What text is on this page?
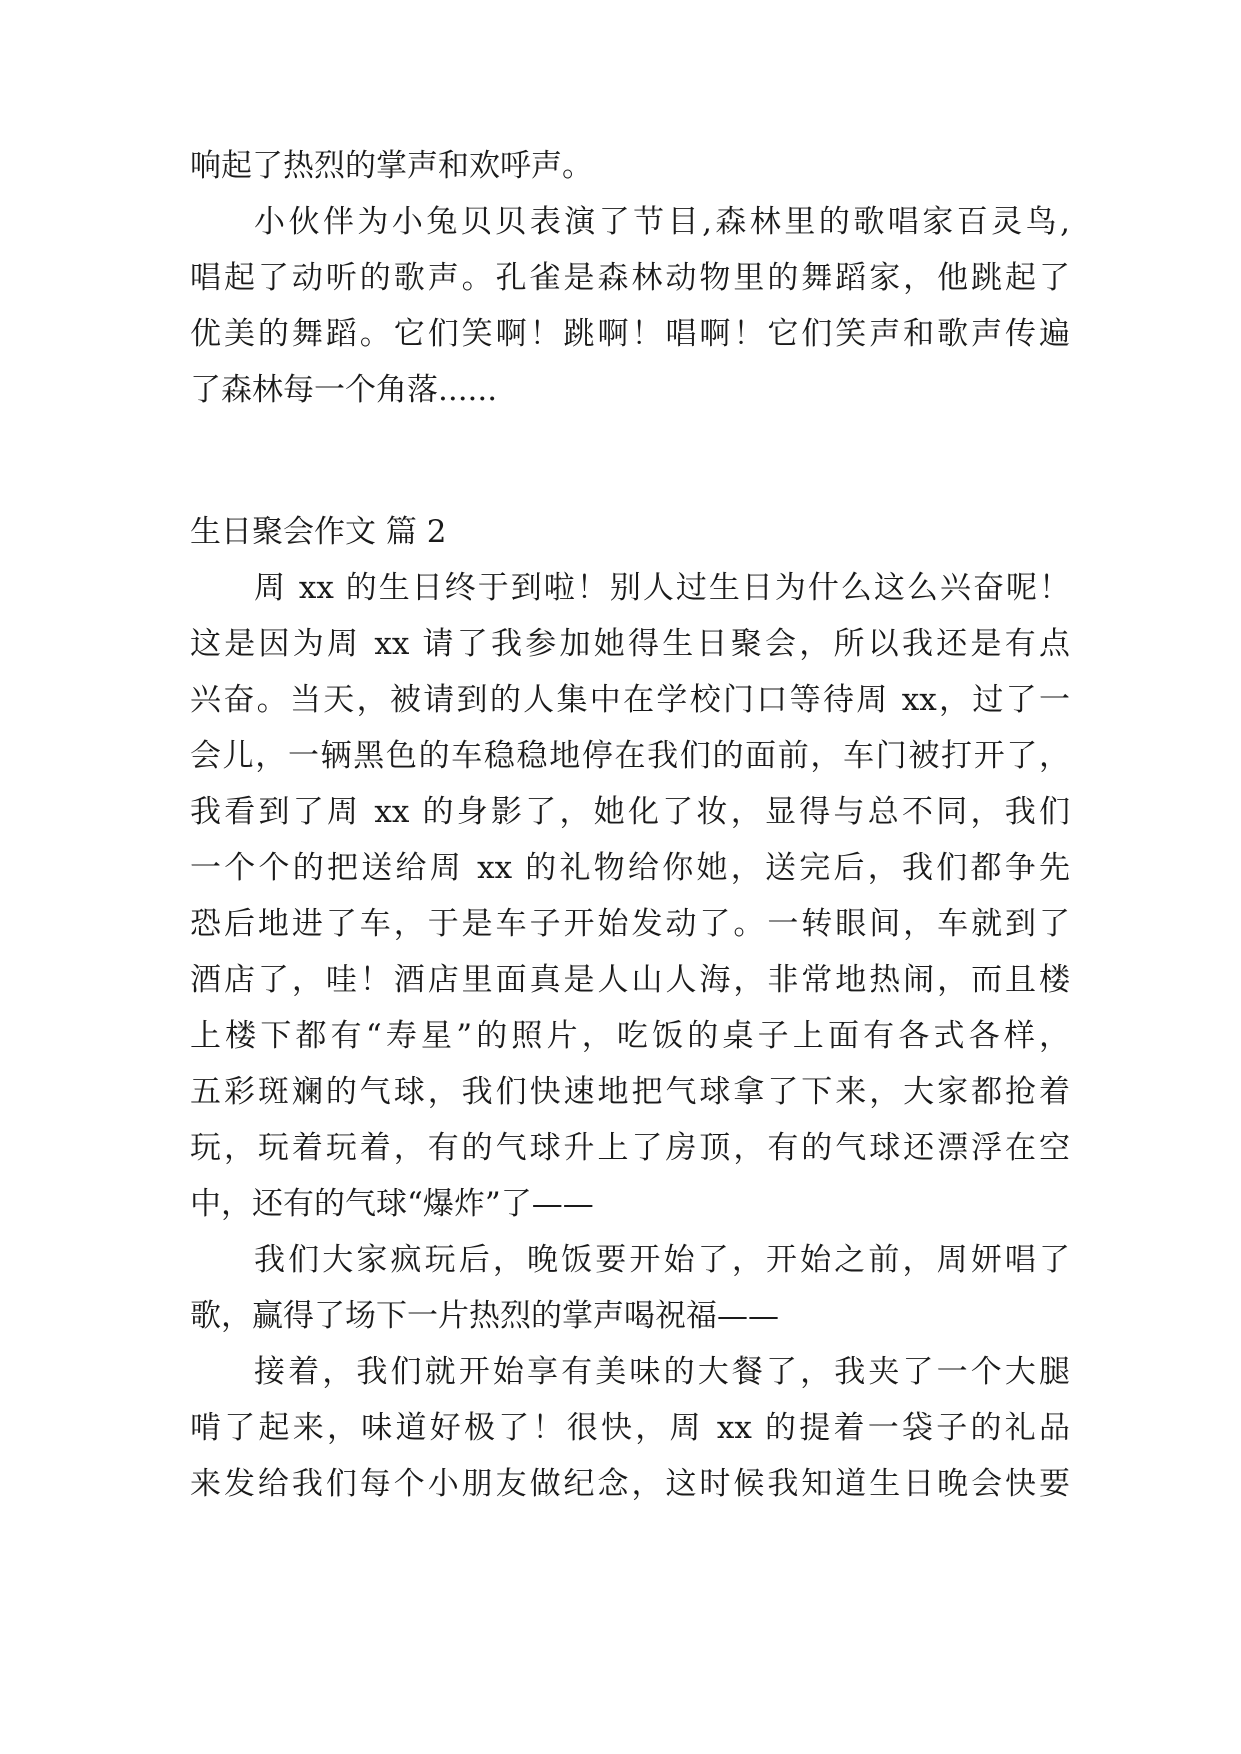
响起了热烈的掌声和欢呼声。
小伙伴为小兔贝贝表演了节目,森林里的歌唱家百灵鸟,
唱起了动听的歌声。孔雀是森林动物里的舞蹈家，他跳起了
优美的舞蹈。它们笑啊！跳啊！唱啊！它们笑声和歌声传遍
了森林每一个角落......
生日聚会作文 篇 2
周 xx 的生日终于到啦！别人过生日为什么这么兴奋呢！
这是因为周 xx 请了我参加她得生日聚会，所以我还是有点
兴奋。当天，被请到的人集中在学校门口等待周 xx，过了一
会儿，一辆黑色的车稳稳地停在我们的面前，车门被打开了，
我看到了周 xx 的身影了，她化了妆，显得与总不同，我们
一个个的把送给周 xx 的礼物给你她，送完后，我们都争先
恐后地进了车，于是车子开始发动了。一转眼间，车就到了
酒店了，哇！酒店里面真是人山人海，非常地热闹，而且楼
上楼下都有“寿星”的照片，吃饭的桌子上面有各式各样，
五彩斑斓的气球，我们快速地把气球拿了下来，大家都抢着
玩，玩着玩着，有的气球升上了房顶，有的气球还漂浮在空
中，还有的气球“爆炸”了——
我们大家疯玩后，晚饭要开始了，开始之前，周妍唱了
歌，赢得了场下一片热烈的掌声喝祝福——
接着，我们就开始享有美味的大餐了，我夹了一个大腿
啃了起来，味道好极了！很快，周 xx 的提着一袋子的礼品
来发给我们每个小朋友做纪念，这时候我知道生日晚会快要
